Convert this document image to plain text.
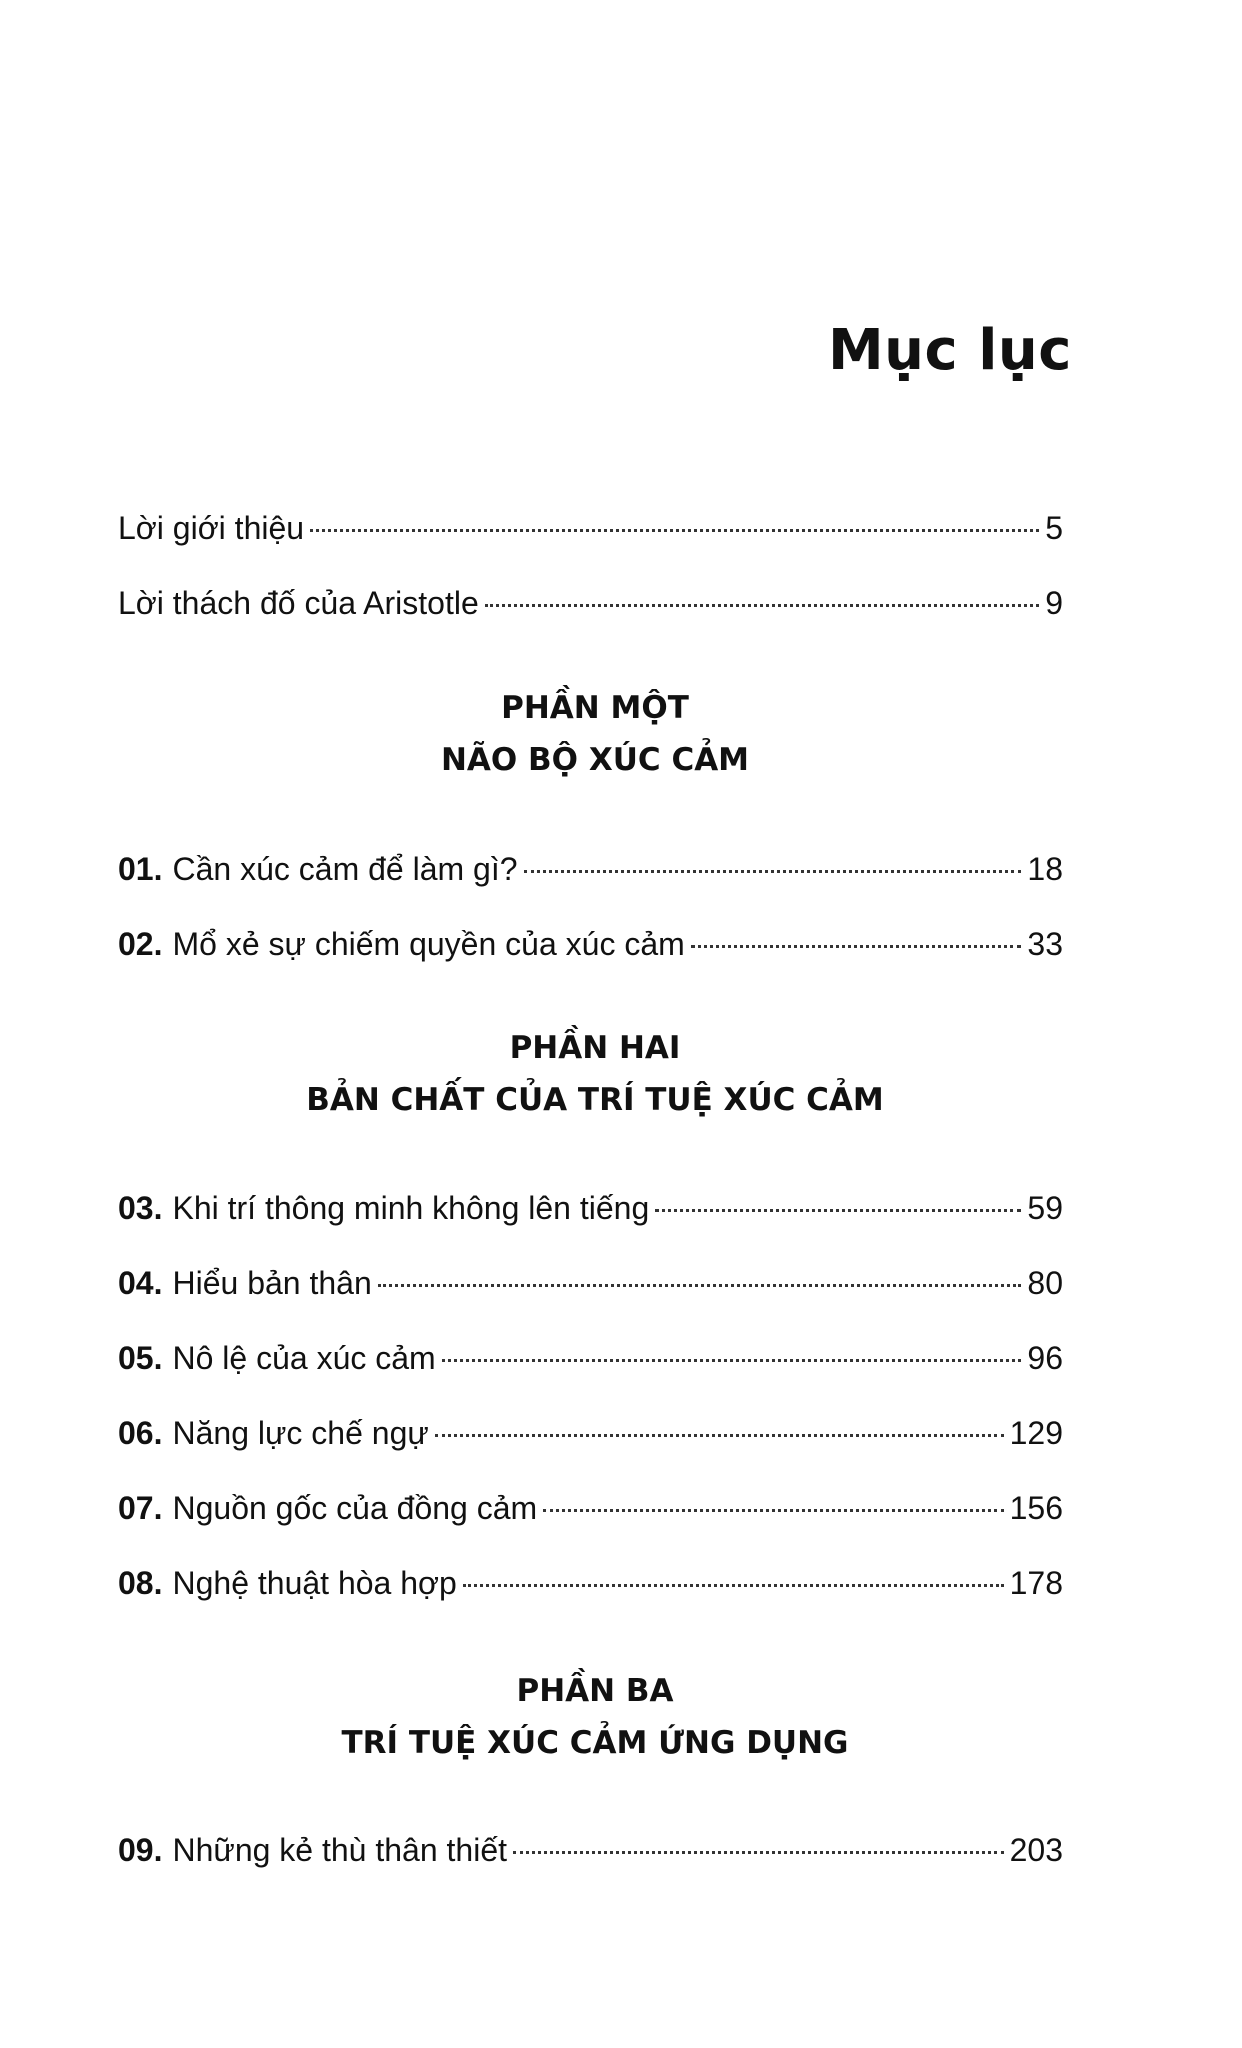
Mục lục
Lời giới thiệu	5
Lời thách đố của Aristotle	9
PHẦN MỘT
NÃO BỘ XÚC CẢM
01. Cần xúc cảm để làm gì?	18
02. Mổ xẻ sự chiếm quyền của xúc cảm	33
PHẦN HAI
BẢN CHẤT CỦA TRÍ TUỆ XÚC CẢM
03. Khi trí thông minh không lên tiếng	59
04. Hiểu bản thân	80
05. Nô lệ của xúc cảm	96
06. Năng lực chế ngự	129
07. Nguồn gốc của đồng cảm	156
08. Nghệ thuật hòa hợp	178
PHẦN BA
TRÍ TUỆ XÚC CẢM ỨNG DỤNG
09. Những kẻ thù thân thiết	203
